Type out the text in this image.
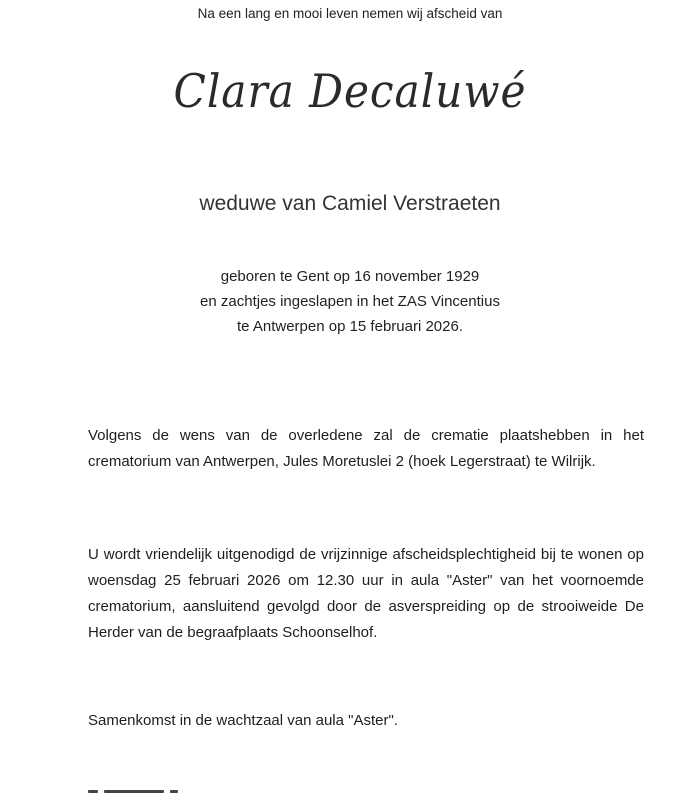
Na een lang en mooi leven nemen wij afscheid van
Clara Decaluwé
weduwe van Camiel Verstraeten
geboren te Gent op 16 november 1929
en zachtjes ingeslapen in het ZAS Vincentius
te Antwerpen op 15 februari 2026.
Volgens de wens van de overledene zal de crematie plaatshebben in het crematorium van Antwerpen, Jules Moretuslei 2 (hoek Legerstraat) te Wilrijk.
U wordt vriendelijk uitgenodigd de vrijzinnige afscheidsplechtigheid bij te wonen op woensdag 25 februari 2026 om 12.30 uur in aula "Aster" van het voornoemde crematorium, aansluitend gevolgd door de asverspreiding op de strooiweide De Herder van de begraafplaats Schoonselhof.
Samenkomst in de wachtzaal van aula "Aster".
